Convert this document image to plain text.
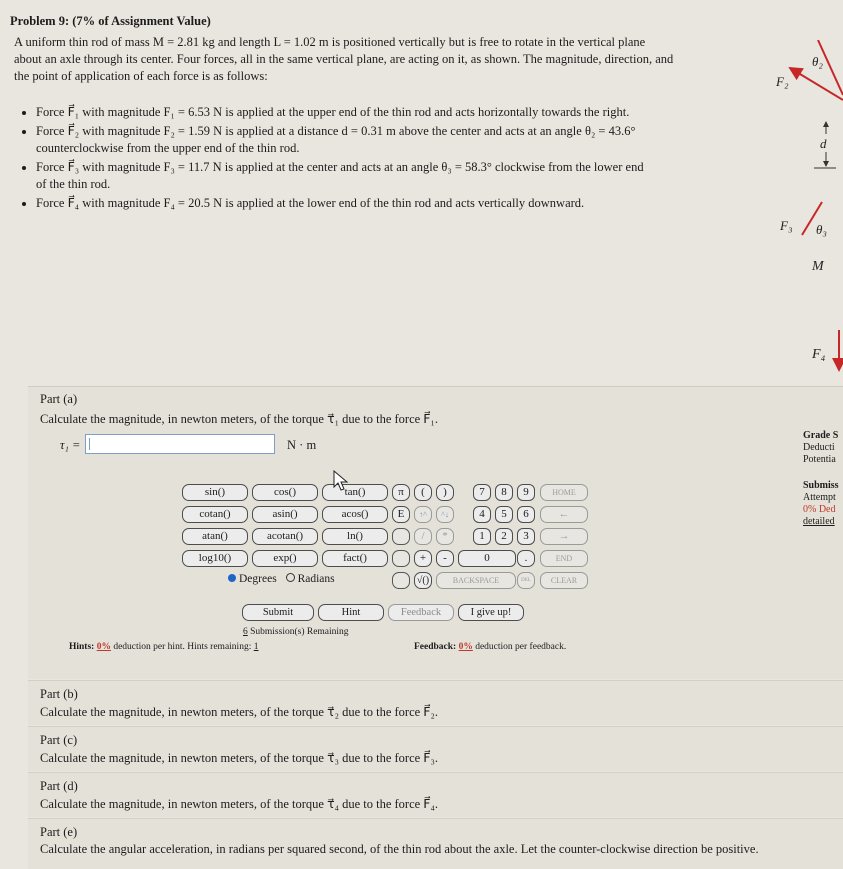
Problem 9: (7% of Assignment Value)
A uniform thin rod of mass M = 2.81 kg and length L = 1.02 m is positioned vertically but is free to rotate in the vertical plane
about an axle through its center. Four forces, all in the same vertical plane, are acting on it, as shown. The magnitude, direction, and
the point of application of each force is as follows:
• Force F⃗₁ with magnitude F₁ = 6.53 N is applied at the upper end of the thin rod and acts horizontally towards the right.
• Force F⃗₂ with magnitude F₂ = 1.59 N is applied at a distance d = 0.31 m above the center and acts at an angle θ₂ = 43.6°
counterclockwise from the upper end of the thin rod.
• Force F⃗₃ with magnitude F₃ = 11.7 N is applied at the center and acts at an angle θ₃ = 58.3° clockwise from the lower end
of the thin rod.
• Force F⃗₄ with magnitude F₄ = 20.5 N is applied at the lower end of the thin rod and acts vertically downward.
θ₂
F₂
d
F₃ θ₃
M
F₄
Part (a)
Calculate the magnitude, in newton meters, of the torque τ⃗₁ due to the force F⃗₁.
τ₁ =	N · m
Grade S
Deducti
Potentia
Submiss
Attempt
0% Ded
detailed
sin()	cos()	tan()
cotan()	asin()	acos()
atan()	acotan()	ln()
log10()	exp()	fact()
π	(	)	7	8	9	HOME
E	↑^	^↓	4	5	6	←
/	*	1	2	3	→
+	-	0	.	END
√()	BACKSPACE	DEL	CLEAR
Degrees Radians
Submit	Hint	Feedback	I give up!
6 Submission(s) Remaining
Hints: 0% deduction per hint. Hints remaining: 1	Feedback: 0% deduction per feedback.
Part (b)
Calculate the magnitude, in newton meters, of the torque τ⃗₂ due to the force F⃗₂.
Part (c)
Calculate the magnitude, in newton meters, of the torque τ⃗₃ due to the force F⃗₃.
Part (d)
Calculate the magnitude, in newton meters, of the torque τ⃗₄ due to the force F⃗₄.
Part (e)
Calculate the angular acceleration, in radians per squared second, of the thin rod about the axle. Let the counter-clockwise direction be positive.
